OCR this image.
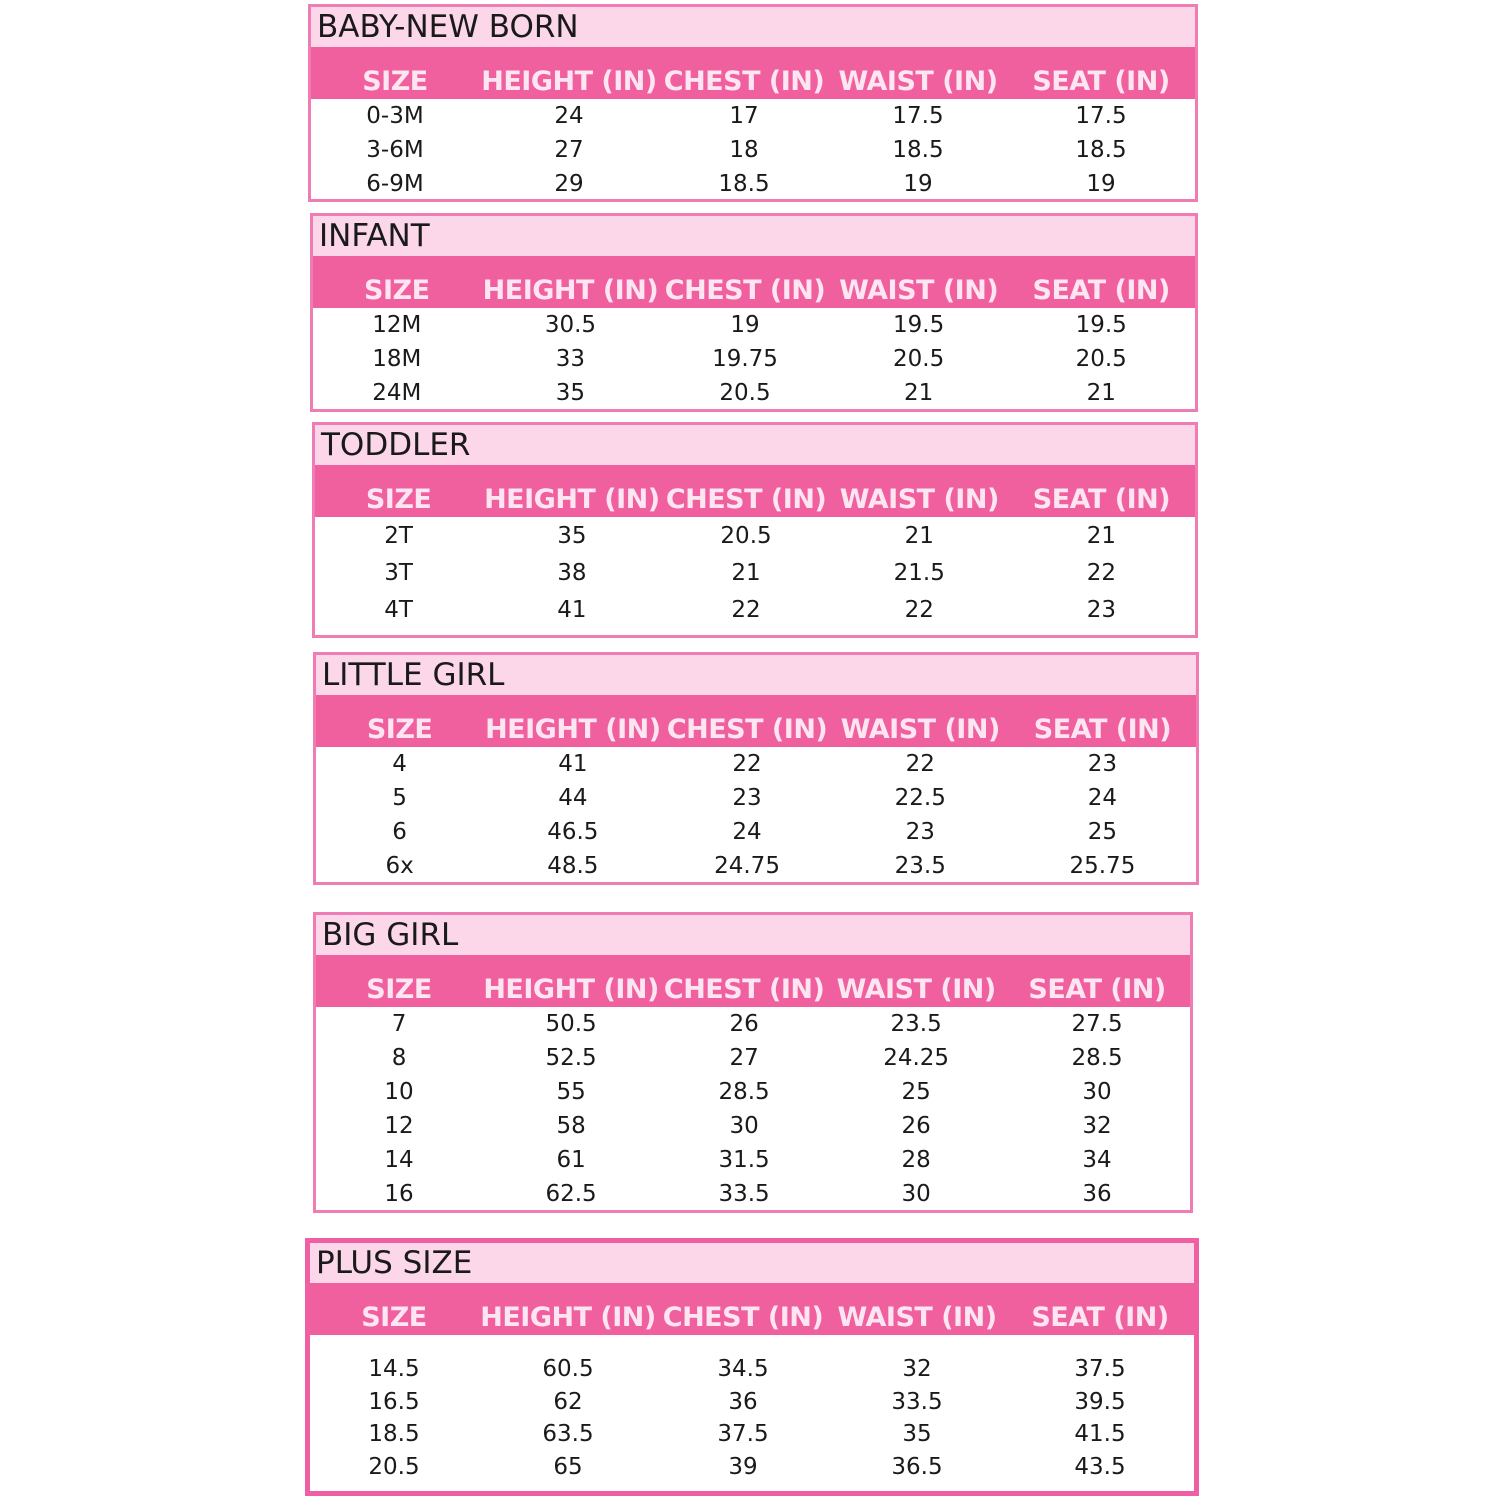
BABY-NEW BORN
SIZE	HEIGHT (IN) CHEST (IN) WAIST (IN)	SEAT (IN)
0-3M	24	17	17.5	17.5
3-6M	27	18	18.5	18.5
6-9M	29	18.5	19	19
INFANT
SIZE	HEIGHT (IN) CHEST (IN) WAIST (IN)	SEAT (IN)
12M	30.5	19	19.5	19.5
18M	33	19.75	20.5	20.5
24M	35	20.5	21	21
TODDLER
SIZE	HEIGHT (IN) CHEST (IN) WAIST (IN)	SEAT (IN)
2T	35	20.5	21	21
3T	38	21	21.5	22
4T	41	22	22	23
LITTLE GIRL
SIZE	HEIGHT (IN) CHEST (IN) WAIST (IN)	SEAT (IN)
4	41	22	22	23
5	44	23	22.5	24
6	46.5	24	23	25
6x	48.5	24.75	23.5	25.75
BIG GIRL
SIZE	HEIGHT (IN) CHEST (IN) WAIST (IN)	SEAT (IN)
7	50.5	26	23.5	27.5
8	52.5	27	24.25	28.5
10	55	28.5	25	30
12	58	30	26	32
14	61	31.5	28	34
16	62.5	33.5	30	36
PLUS SIZE
SIZE	HEIGHT (IN) CHEST (IN) WAIST (IN)	SEAT (IN)
14.5	60.5	34.5	32	37.5
16.5	62	36	33.5	39.5
18.5	63.5	37.5	35	41.5
20.5	65	39	36.5	43.5
